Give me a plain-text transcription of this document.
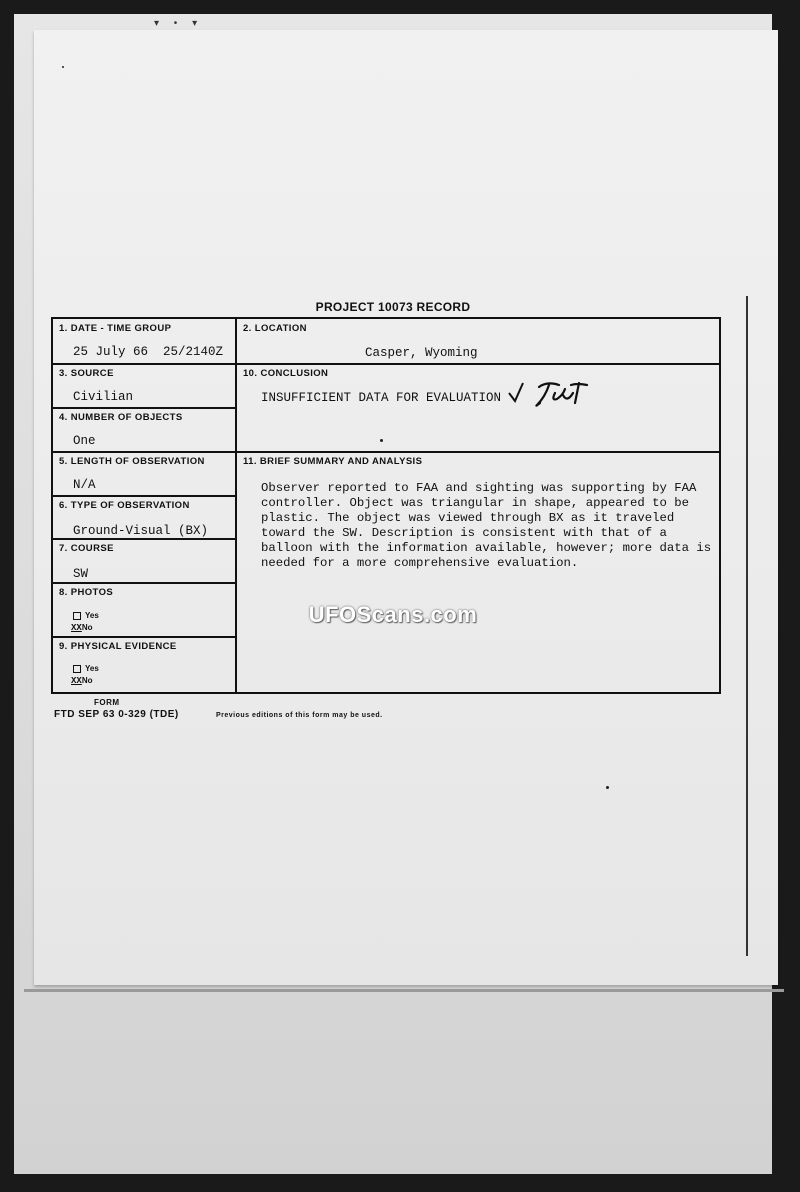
▾ • ▾
PROJECT 10073 RECORD
1. DATE - TIME GROUP
25 July 66 25/2140Z
2. LOCATION
Casper, Wyoming
3. SOURCE
Civilian
10. CONCLUSION
INSUFFICIENT DATA FOR EVALUATION
4. NUMBER OF OBJECTS
One
5. LENGTH OF OBSERVATION
N/A
11. BRIEF SUMMARY AND ANALYSIS
Observer reported to FAA and sighting was supporting by FAA
controller. Object was triangular in shape, appeared to be
plastic. The object was viewed through BX as it traveled
toward the SW. Description is consistent with that of a
balloon with the information available, however; more data is
needed for a more comprehensive evaluation.
6. TYPE OF OBSERVATION
Ground-Visual (BX)
7. COURSE
SW
8. PHOTOS
Yes
XXNo
9. PHYSICAL EVIDENCE
Yes
XXNo
FORM
FTD SEP 63 0-329 (TDE)	Previous editions of this form may be used.
UFOScans.com
